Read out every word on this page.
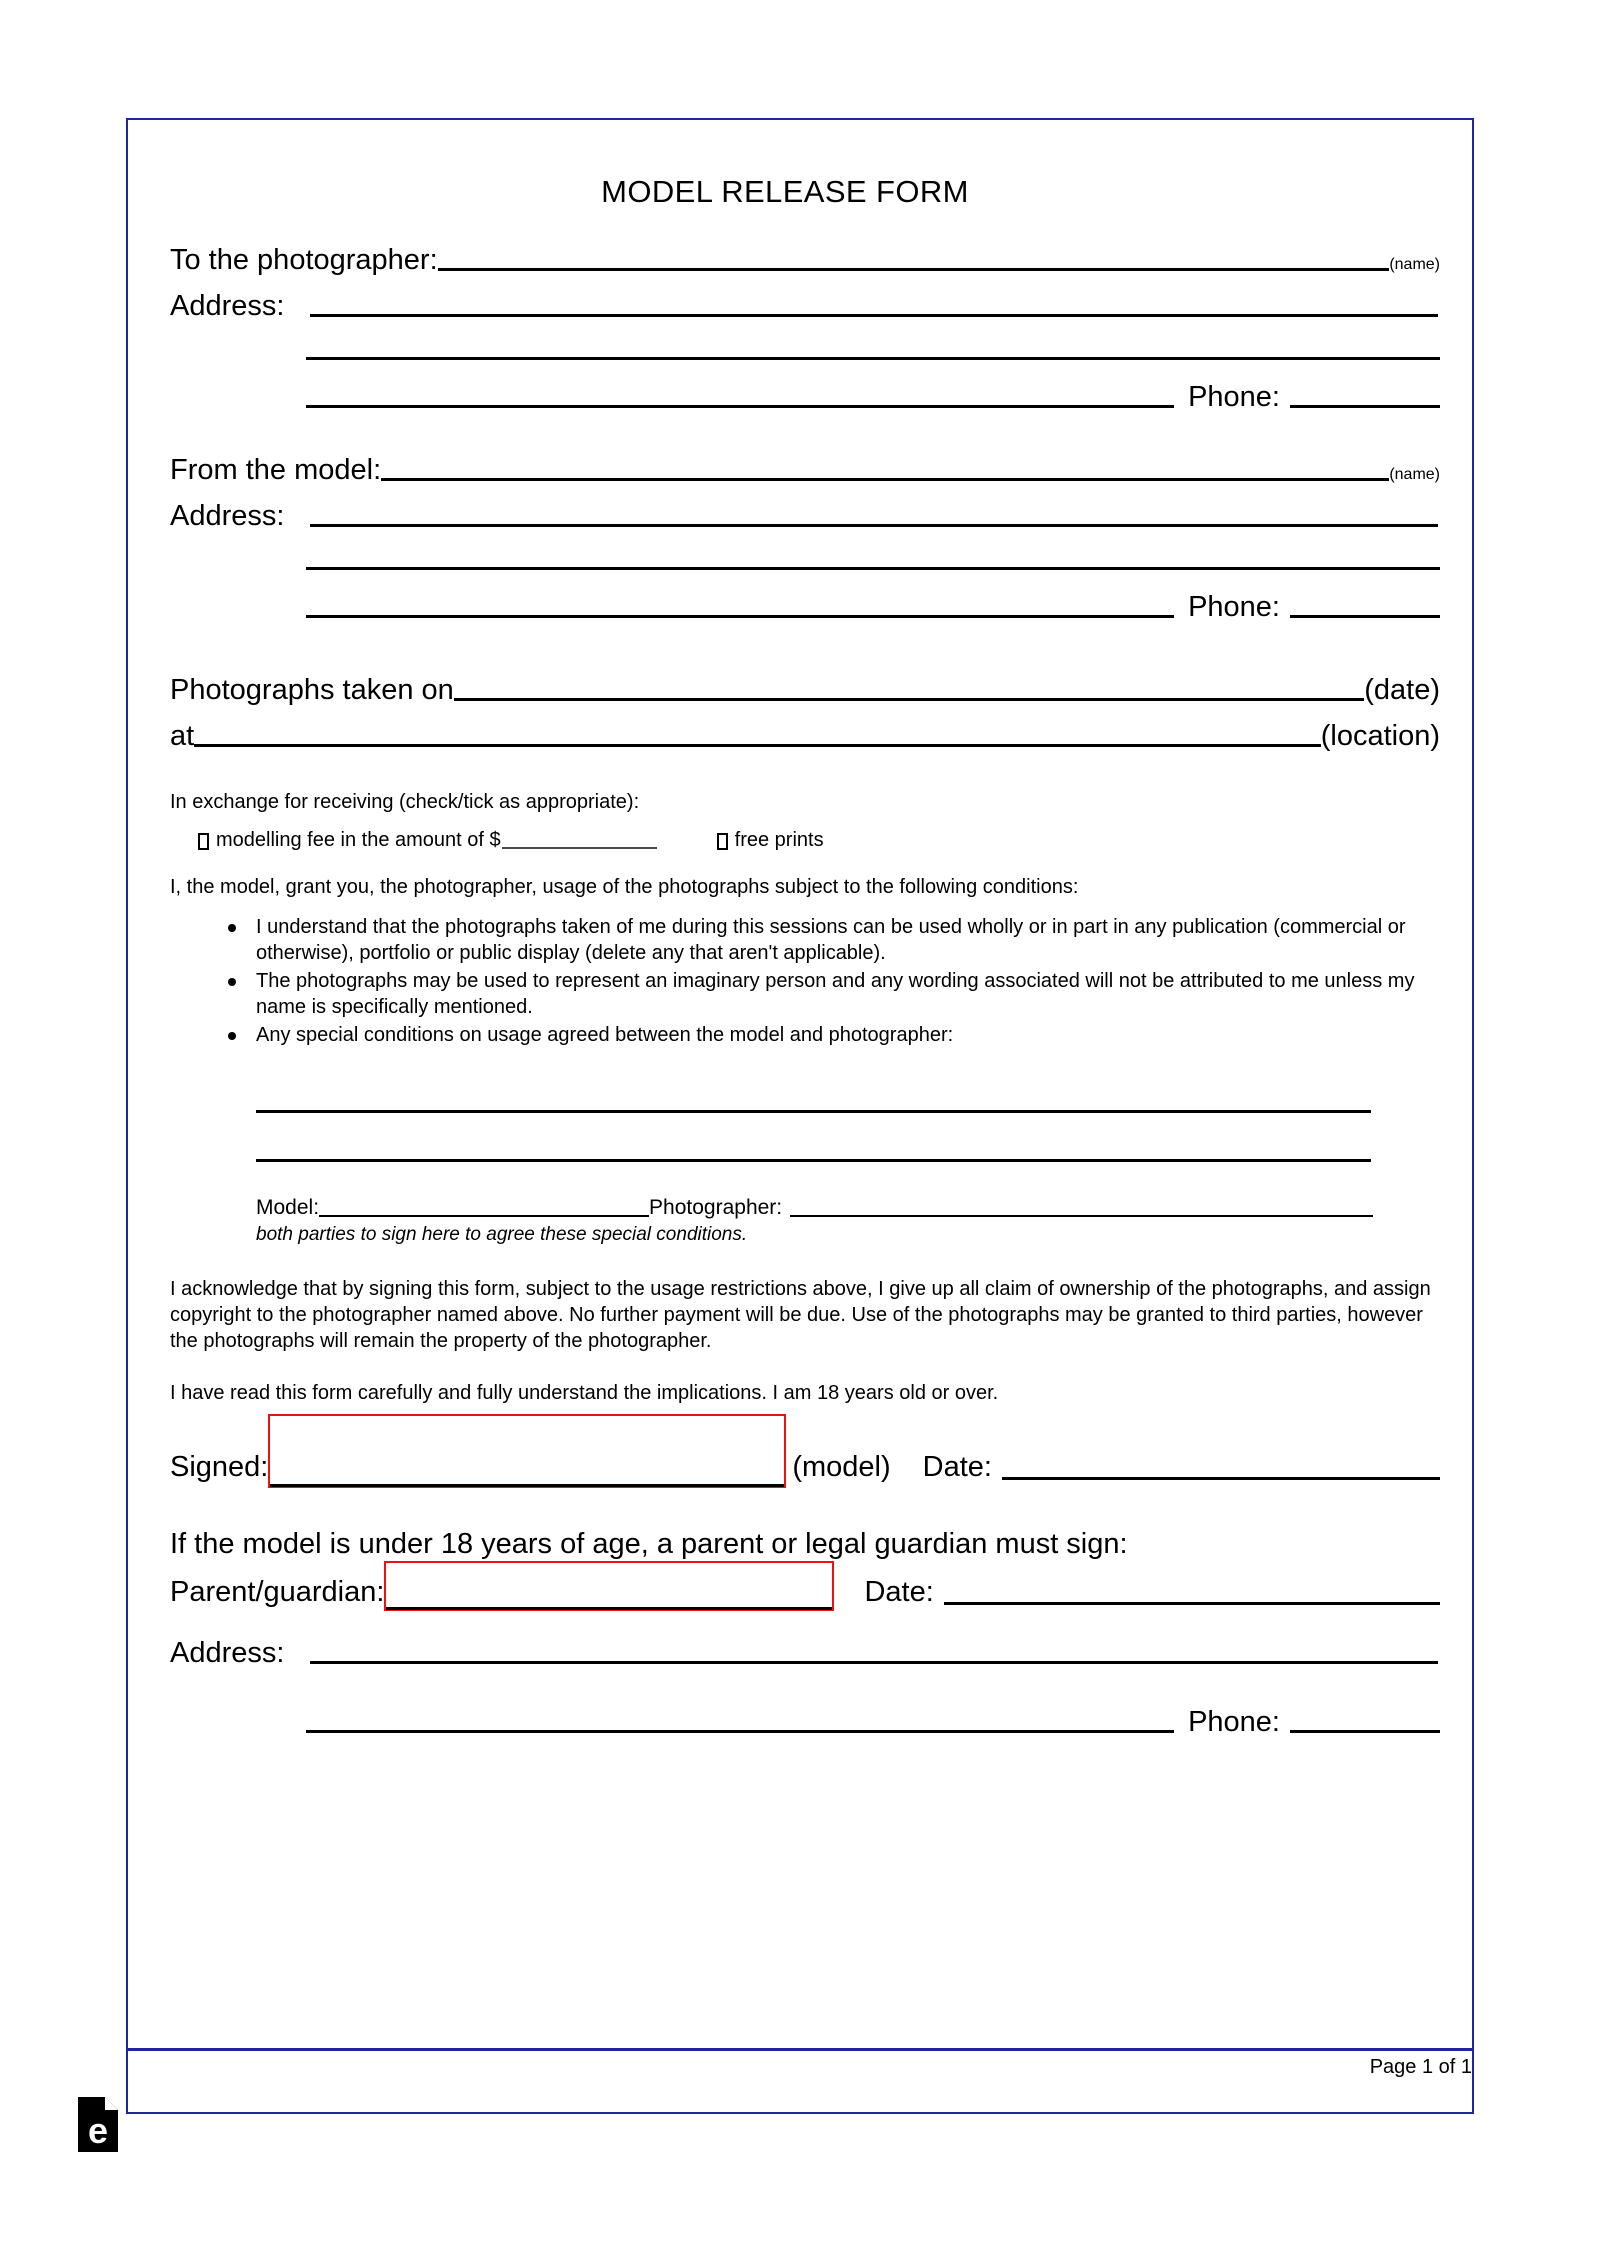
MODEL RELEASE FORM
To the photographer:	(name)
Address:
Phone:
From the model:	(name)
Address:
Phone:
Photographs taken on	(date)
at	(location)

In exchange for receiving (check/tick as appropriate):

modelling fee in the amount of $	free prints

I, the model, grant you, the photographer, usage of the photographs subject to the following conditions:

I understand that the photographs taken of me during this sessions can be used wholly or in part in any publication (commercial or otherwise), portfolio or public display (delete any that aren't applicable).
The photographs may be used to represent an imaginary person and any wording associated will not be attributed to me unless my name is specifically mentioned.
Any special conditions on usage agreed between the model and photographer:
Model:	Photographer:
both parties to sign here to agree these special conditions.

I acknowledge that by signing this form, subject to the usage restrictions above, I give up all claim of ownership of the photographs, and assign copyright to the photographer named above. No further payment will be due. Use of the photographs may be granted to third parties, however the photographs will remain the property of the photographer.

I have read this form carefully and fully understand the implications. I am 18 years old or over.

Signed:	(model)	Date:
If the model is under 18 years of age, a parent or legal guardian must sign:
Parent/guardian:	Date:
Address:
Phone:
e
Page 1 of 1
